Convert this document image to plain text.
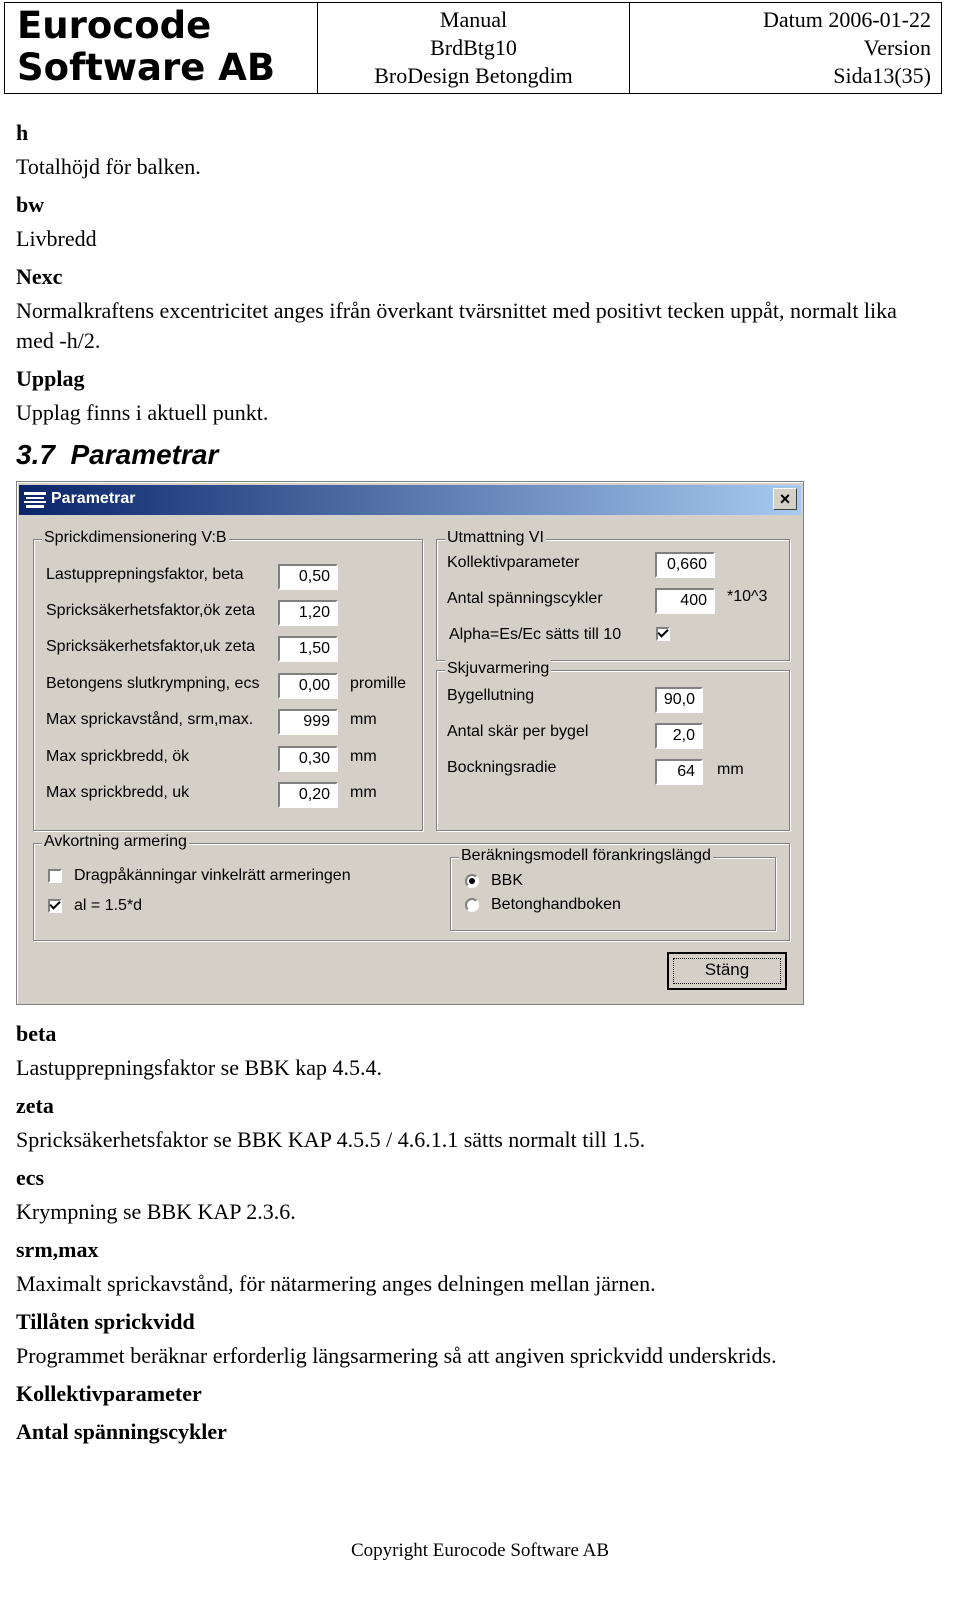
Eurocode
Software AB
Manual
BrdBtg10
BroDesign Betongdim
Datum 2006-01-22
Version
Sida13(35)
h
Totalhöjd för balken.
bw
Livbredd
Nexc
Normalkraftens excentricitet anges ifrån överkant tvärsnittet med positivt tecken uppåt, normalt lika med -h/2.
Upplag
Upplag finns i aktuell punkt.
3.7 Parametrar
Parametrar	×
Sprickdimensionering V:B
Lastupprepningsfaktor, beta	0,50
Spricksäkerhetsfaktor,ök zeta	1,20
Spricksäkerhetsfaktor,uk zeta	1,50
Betongens slutkrympning, ecs	0,00	promille
Max sprickavstånd, srm,max.	999	mm
Max sprickbredd, ök	0,30	mm
Max sprickbredd, uk	0,20	mm
Utmattning VI
Kollektivparameter	0,660
Antal spänningscykler	400	*10^3
Alpha=Es/Ec sätts till 10
Skjuvarmering
Bygellutning	90,0
Antal skär per bygel	2,0
Bockningsradie	64	mm
Avkortning armering
Dragpåkänningar vinkelrätt armeringen
al = 1.5*d
Beräkningsmodell förankringslängd
BBK
Betonghandboken
Stäng
beta
Lastupprepningsfaktor se BBK kap 4.5.4.
zeta
Spricksäkerhetsfaktor se BBK KAP 4.5.5 / 4.6.1.1 sätts normalt till 1.5.
ecs
Krympning se BBK KAP 2.3.6.
srm,max
Maximalt sprickavstånd, för nätarmering anges delningen mellan järnen.
Tillåten sprickvidd
Programmet beräknar erforderlig längsarmering så att angiven sprickvidd underskrids.
Kollektivparameter
Antal spänningscykler
Copyright Eurocode Software AB
